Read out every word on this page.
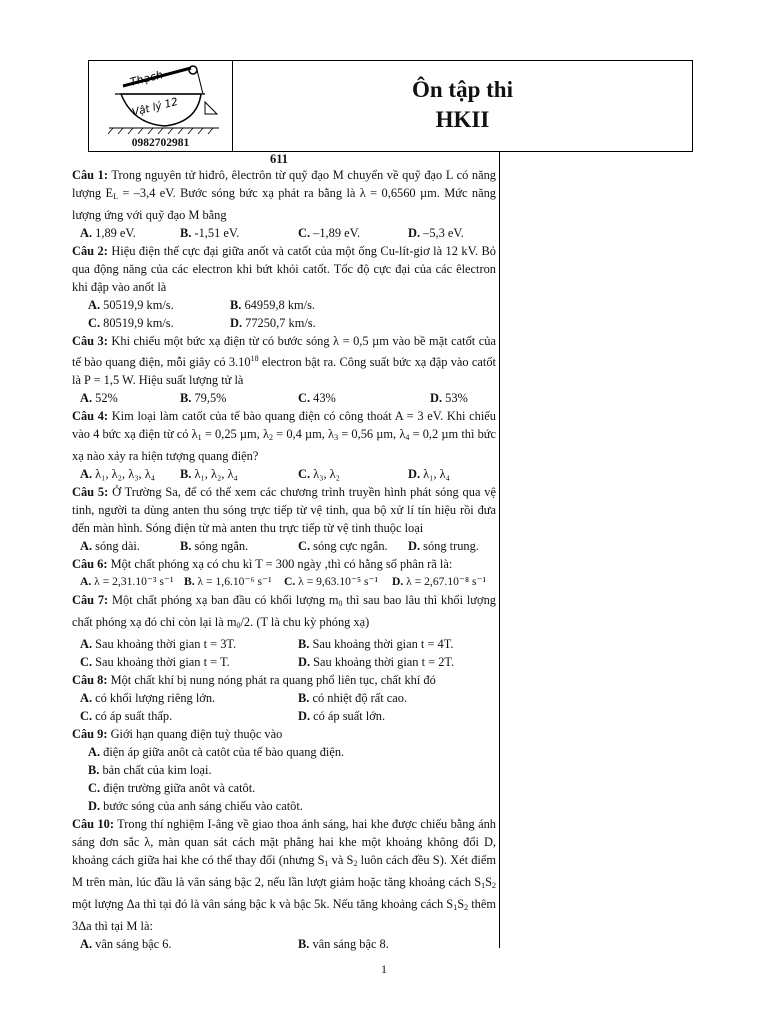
Thạch
Vật lý 12
0982702981
Ôn tập thi
HKII
611
Câu 1: Trong nguyên tử hiđrô, êlectrôn từ quỹ đạo M chuyển về quỹ đạo L có năng lượng $E_L = -3,4$ eV. Bước sóng bức xạ phát ra bằng là λ = 0,6560 µm. Mức năng lượng ứng với quỹ đạo M bằng
A. 1,89 eV.	B. -1,51 eV.	C. –1,89 eV.	D. –5,3 eV.
Câu 2: Hiệu điện thế cực đại giữa anốt và catốt của một ống Cu-lít-giơ là 12 kV. Bỏ qua động năng của các electron khi bứt khỏi catốt. Tốc độ cực đại của các êlectron khi đập vào anốt là
A. 50519,9 km/s.	B. 64959,8 km/s.
C. 80519,9 km/s.	D. 77250,7 km/s.
Câu 3: Khi chiếu một bức xạ điện từ có bước sóng λ = 0,5 µm vào bề mặt catốt của tế bào quang điện, mỗi giây có 3.10$^{18}$ electron bật ra. Công suất bức xạ đập vào catốt là P = 1,5 W. Hiệu suất lượng tử là
A. 52%	B. 79,5%	C. 43%	D. 53%
Câu 4: Kim loại làm catốt của tế bào quang điện có công thoát A = 3 eV. Khi chiếu vào 4 bức xạ điện từ có $\lambda_1 = 0,25$ µm, $\lambda_2 = 0,4$ µm, $\lambda_3 = 0,56$ µm, $\lambda_4 = 0,2$ µm thì bức xạ nào xảy ra hiện tượng quang điện?
A. λ₁, λ₂, λ₃, λ₄ B. λ₁, λ₂, λ₄	C. λ₃, λ₂	D. λ₁, λ₄
Câu 5: Ở Trường Sa, để có thể xem các chương trình truyền hình phát sóng qua vệ tinh, người ta dùng anten thu sóng trực tiếp từ vệ tinh, qua bộ xử lí tín hiệu rồi đưa đến màn hình. Sóng điện từ mà anten thu trực tiếp từ vệ tinh thuộc loại
A. sóng dài.	B. sóng ngắn.	C. sóng cực ngắn. D. sóng trung.
Câu 6: Một chất phóng xạ có chu kì T = 300 ngày ,thì có hằng số phân rã là:
A. λ = 2,31.10⁻³ s⁻¹ B. λ = 1,6.10⁻⁶ s⁻¹ C. λ = 9,63.10⁻⁵ s⁻¹ D. λ = 2,67.10⁻⁸ s⁻¹
Câu 7: Một chất phóng xạ ban đầu có khối lượng $m_0$ thì sau bao lâu thì khối lượng chất phóng xạ đó chỉ còn lại là $m_0/2$. (T là chu kỳ phóng xạ)
A. Sau khoảng thời gian t = 3T.	B. Sau khoảng thời gian t = 4T.
C. Sau khoảng thời gian t = T.	D. Sau khoảng thời gian t = 2T.
Câu 8: Một chất khí bị nung nóng phát ra quang phổ liên tục, chất khí đó
A. có khối lượng riêng lớn.	B. có nhiệt độ rất cao.
C. có áp suất thấp.	D. có áp suất lớn.
Câu 9: Giới hạn quang điện tuỳ thuộc vào
A. điện áp giữa anôt cà catôt của tế bào quang điện.
B. bản chất của kim loại.
C. điện trường giữa anôt và catôt.
D. bước sóng của anh sáng chiếu vào catôt.
Câu 10: Trong thí nghiệm I-âng về giao thoa ánh sáng, hai khe được chiếu bằng ánh sáng đơn sắc λ, màn quan sát cách mặt phẳng hai khe một khoảng không đổi D, khoảng cách giữa hai khe có thể thay đổi (nhưng $S_1$ và $S_2$ luôn cách đều S). Xét điểm M trên màn, lúc đầu là vân sáng bậc 2, nếu lần lượt giảm hoặc tăng khoảng cách $S_1S_2$ một lượng Δa thì tại đó là vân sáng bậc k và bậc 5k. Nếu tăng khoảng cách $S_1S_2$ thêm 3Δa thì tại M là:
A. vân sáng bậc 6.	B. vân sáng bậc 8.
1
